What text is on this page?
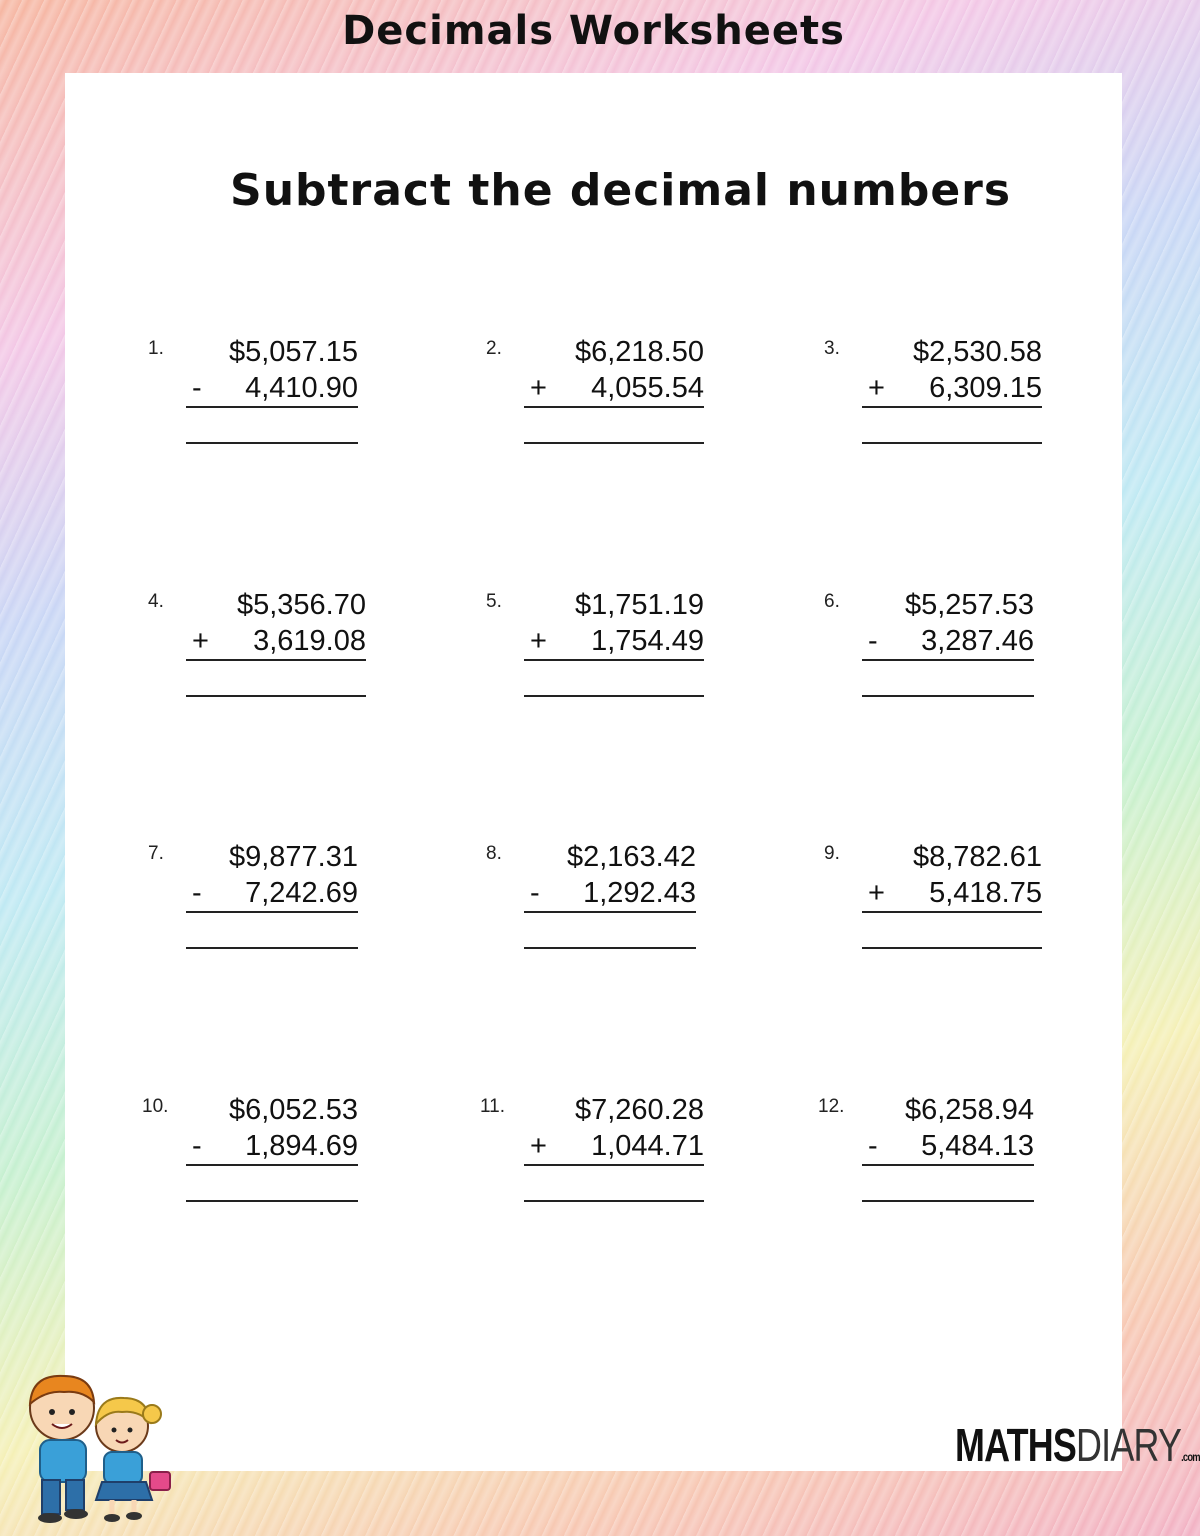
Decimals Worksheets
Subtract the decimal numbers
1. $5,057.15
- 4,410.90
2.	$6,218.50
+ 4,055.54
3.	$2,530.58
+ 6,309.15
4.	$5,356.70
+ 3,619.08
5.	$1,751.19
+ 1,754.49
6. $5,257.53
- 3,287.46
7. $9,877.31
- 7,242.69
8. $2,163.42
- 1,292.43
9.	$8,782.61
+ 5,418.75
10. $6,052.53
- 1,894.69
11. $7,260.28
+ 1,044.71
12. $6,258.94
- 5,484.13
MATHSDIARY.com
